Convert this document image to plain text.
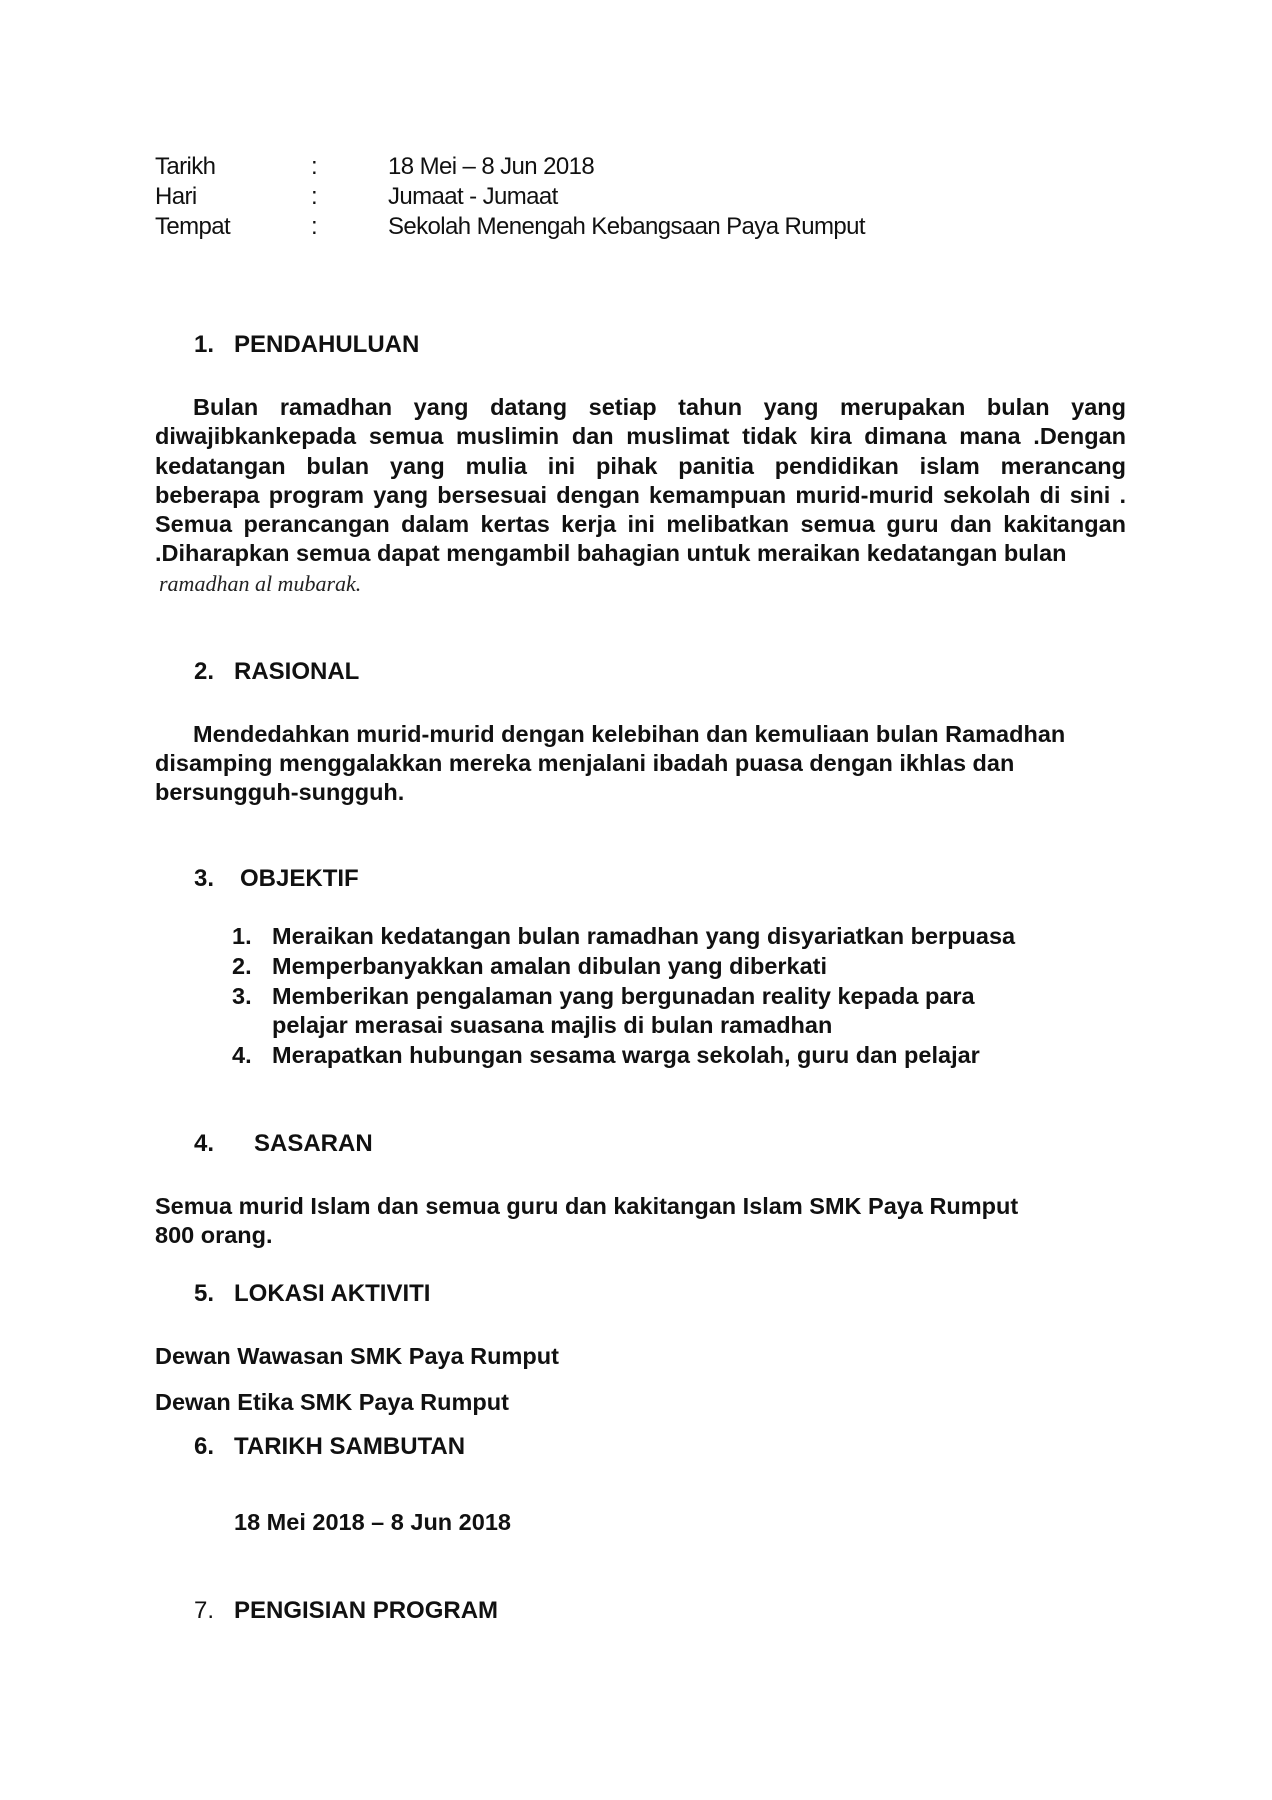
Tarikh	:	18 Mei – 8 Jun 2018
Hari	:	Jumaat - Jumaat
Tempat	:	Sekolah Menengah Kebangsaan Paya Rumput
1. PENDAHULUAN
Bulan ramadhan yang datang setiap tahun yang merupakan bulan yang
diwajibkankepada semua muslimin dan muslimat tidak kira dimana mana .Dengan
kedatangan bulan yang mulia ini pihak panitia pendidikan islam merancang
beberapa program yang bersesuai dengan kemampuan murid-murid sekolah di sini .
Semua perancangan dalam kertas kerja ini melibatkan semua guru dan kakitangan
.Diharapkan semua dapat mengambil bahagian untuk meraikan kedatangan bulan
ramadhan al mubarak.
2. RASIONAL
Mendedahkan murid-murid dengan kelebihan dan kemuliaan bulan Ramadhan
disamping menggalakkan mereka menjalani ibadah puasa dengan ikhlas dan
bersungguh-sungguh.
3. OBJEKTIF
1. Meraikan kedatangan bulan ramadhan yang disyariatkan berpuasa
2. Memperbanyakkan amalan dibulan yang diberkati
3. Memberikan pengalaman yang bergunadan reality kepada para
pelajar merasai suasana majlis di bulan ramadhan
4. Merapatkan hubungan sesama warga sekolah, guru dan pelajar
4. SASARAN
Semua murid Islam dan semua guru dan kakitangan Islam SMK Paya Rumput
800 orang.
5. LOKASI AKTIVITI
Dewan Wawasan SMK Paya Rumput
Dewan Etika SMK Paya Rumput
6. TARIKH SAMBUTAN
18 Mei 2018 – 8 Jun 2018
7. PENGISIAN PROGRAM
